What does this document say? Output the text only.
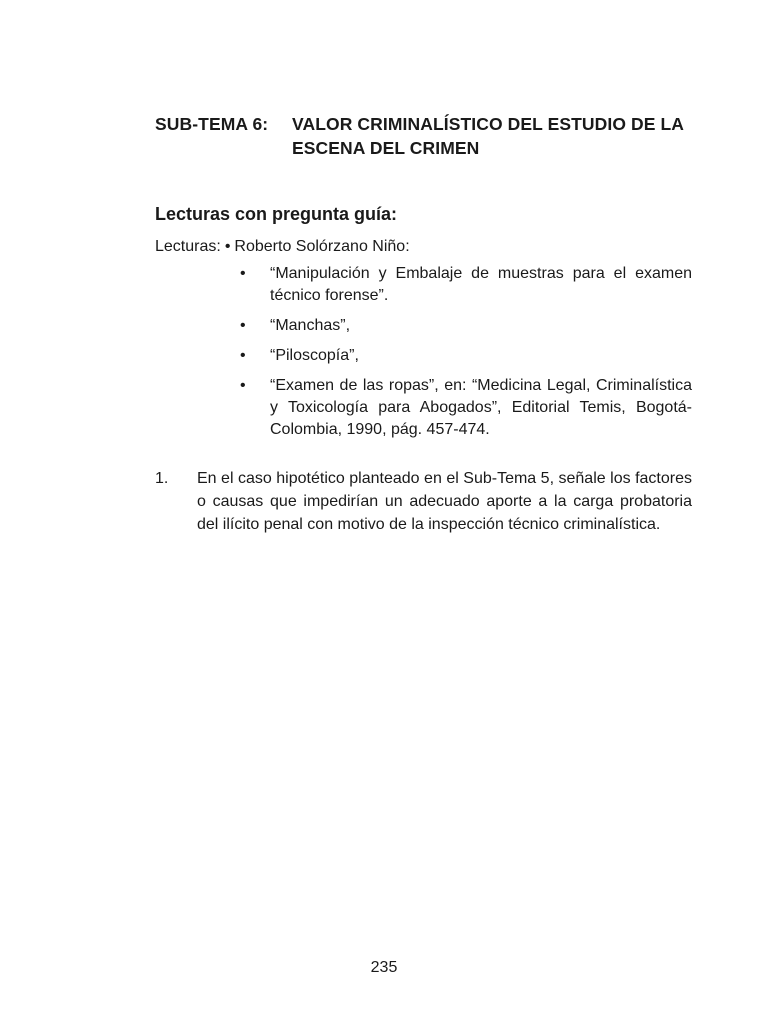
SUB-TEMA 6:	VALOR CRIMINALÍSTICO DEL ESTUDIO DE LA ESCENA DEL CRIMEN
Lecturas con pregunta guía:
Lecturas: • Roberto Solórzano Niño:
•	“Manipulación y Embalaje de muestras para el examen técnico forense”.
•	“Manchas”,
•	“Piloscopía”,
•	“Examen de las ropas”, en: “Medicina Legal, Criminalística y Toxicología para Abogados”, Editorial Temis, Bogotá-Colombia, 1990, pág. 457-474.
1.	En el caso hipotético planteado en el Sub-Tema 5, señale los factores o causas que impedirían un adecuado aporte a la carga probatoria del ilícito penal con motivo de la inspección técnico criminalística.
235
